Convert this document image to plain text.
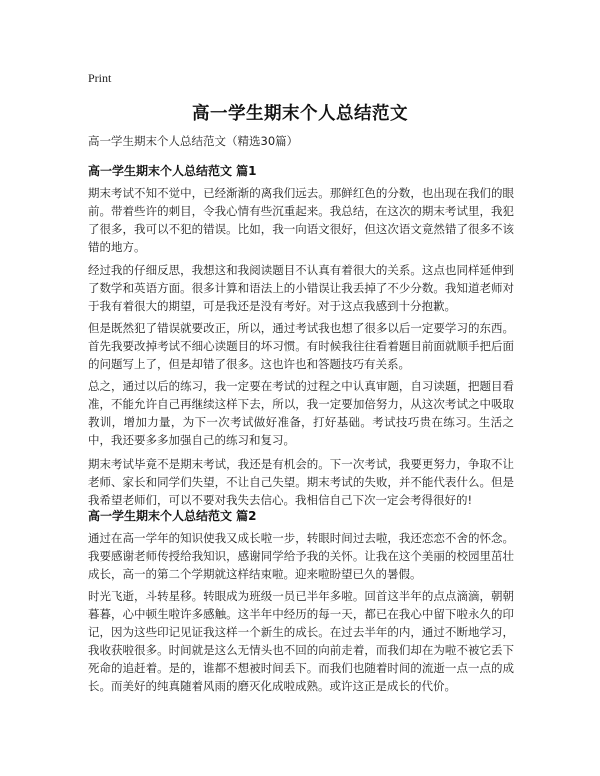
Print
高一学生期末个人总结范文
高一学生期末个人总结范文（精选30篇）
高一学生期末个人总结范文 篇1

期末考试不知不觉中，已经渐渐的离我们远去。那鲜红色的分数，也出现在我们的眼前。带着些许的刺目，令我心情有些沉重起来。我总结，在这次的期末考试里，我犯了很多，我可以不犯的错误。比如，我一向语文很好，但这次语文竟然错了很多不该错的地方。

经过我的仔细反思，我想这和我阅读题目不认真有着很大的关系。这点也同样延伸到了数学和英语方面。很多计算和语法上的小错误让我丢掉了不少分数。我知道老师对于我有着很大的期望，可是我还是没有考好。对于这点我感到十分抱歉。

但是既然犯了错误就要改正，所以，通过考试我也想了很多以后一定要学习的东西。首先我要改掉考试不细心读题目的坏习惯。有时候我往往看着题目前面就顺手把后面的问题写上了，但是却错了很多。这也许也和答题技巧有关系。

总之，通过以后的练习，我一定要在考试的过程之中认真审题，自习读题，把题目看准，不能允许自己再继续这样下去，所以，我一定要加倍努力，从这次考试之中吸取教训，增加力量，为下一次考试做好准备，打好基础。考试技巧贵在练习。生活之中，我还要多多加强自己的练习和复习。

期末考试毕竟不是期末考试，我还是有机会的。下一次考试，我要更努力，争取不让老师、家长和同学们失望，不让自己失望。期末考试的失败，并不能代表什么。但是我希望老师们，可以不要对我失去信心。我相信自己下次一定会考得很好的!

高一学生期末个人总结范文 篇2

通过在高一学年的知识使我又成长啦一步，转眼时间过去啦，我还恋恋不舍的怀念。我要感谢老师传授给我知识，感谢同学给予我的关怀。让我在这个美丽的校园里茁壮成长，高一的第二个学期就这样结束啦。迎来啦盼望已久的暑假。

时光飞逝，斗转星移。转眼成为班级一员已半年多啦。回首这半年的点点滴滴，朝朝暮暮，心中顿生啦许多感触。这半年中经历的每一天，都已在我心中留下啦永久的印记，因为这些印记见证我这样一个新生的成长。在过去半年的内，通过不断地学习，我收获啦很多。时间就是这么无情头也不回的向前走着，而我们却在为啦不被它丢下死命的追赶着。是的，谁都不想被时间丢下。而我们也随着时间的流逝一点一点的成长。而美好的纯真随着风雨的磨灭化成啦成熟。或许这正是成长的代价。
